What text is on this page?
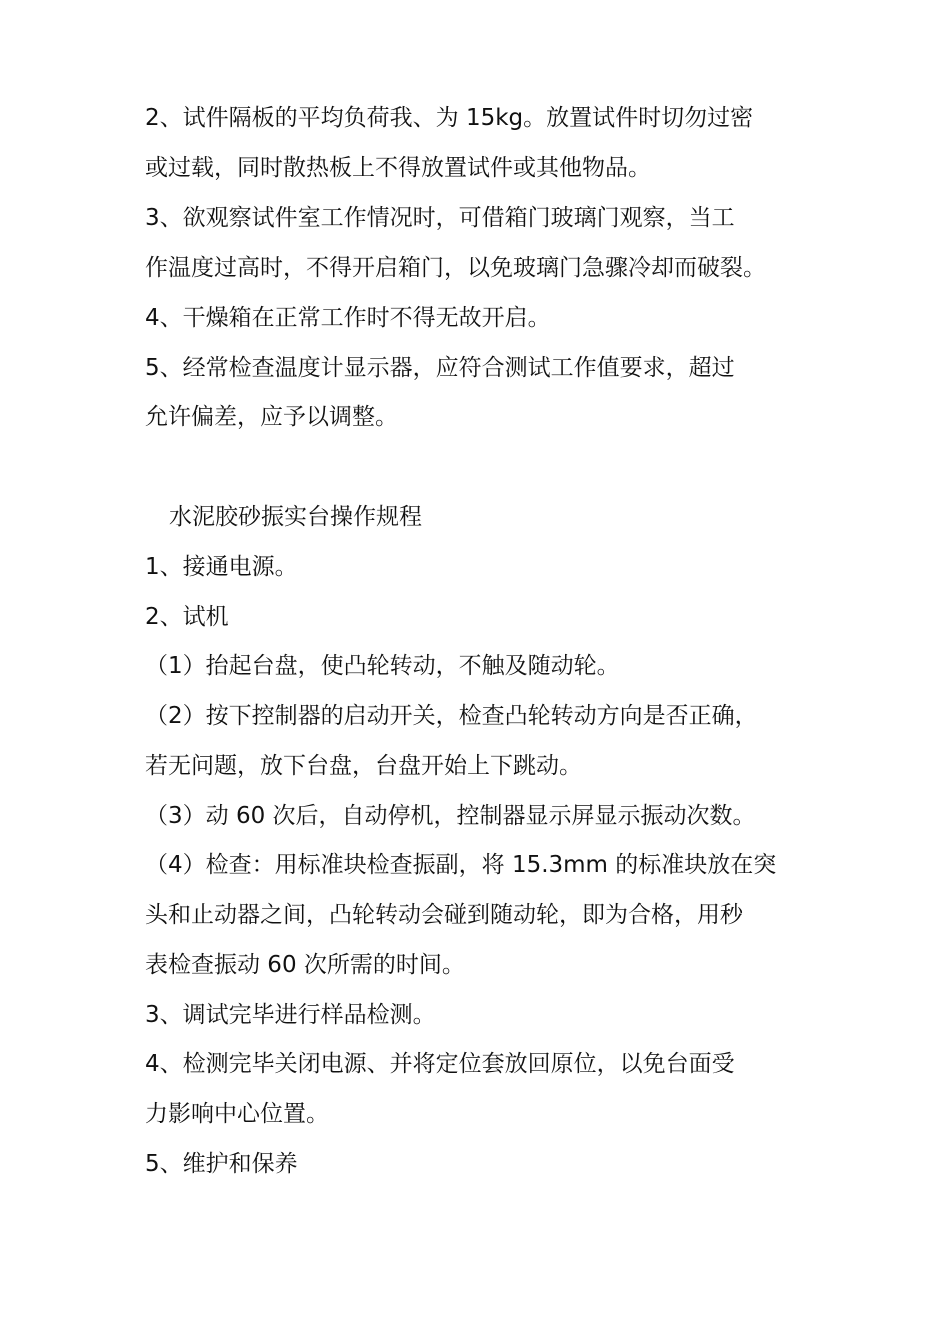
2、试件隔板的平均负荷我、为 15kg。放置试件时切勿过密
或过载，同时散热板上不得放置试件或其他物品。
3、欲观察试件室工作情况时，可借箱门玻璃门观察，当工
作温度过高时，不得开启箱门，以免玻璃门急骤冷却而破裂。
4、干燥箱在正常工作时不得无故开启。
5、经常检查温度计显示器，应符合测试工作值要求，超过
允许偏差，应予以调整。
水泥胶砂振实台操作规程
1、接通电源。
2、试机
（1）抬起台盘，使凸轮转动，不触及随动轮。
（2）按下控制器的启动开关，检查凸轮转动方向是否正确，
若无问题，放下台盘，台盘开始上下跳动。
（3）动 60 次后，自动停机，控制器显示屏显示振动次数。
（4）检查：用标准块检查振副，将 15.3mm 的标准块放在突
头和止动器之间，凸轮转动会碰到随动轮，即为合格，用秒
表检查振动 60 次所需的时间。
3、调试完毕进行样品检测。
4、检测完毕关闭电源、并将定位套放回原位，以免台面受
力影响中心位置。
5、维护和保养
